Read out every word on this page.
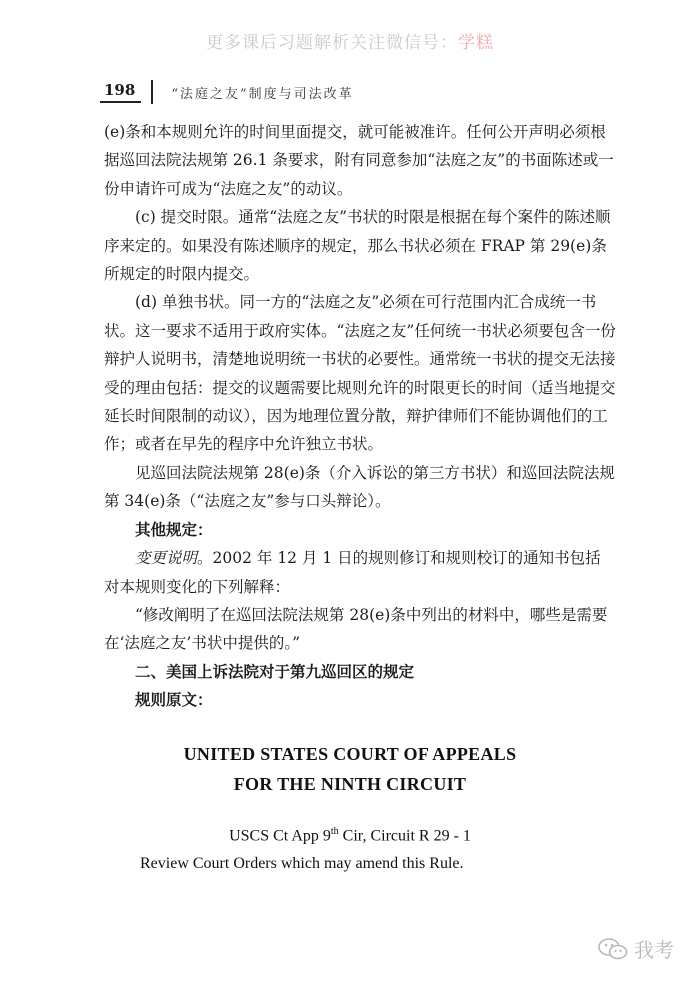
更多课后习题解析关注微信号：学糕
198	“法庭之友”制度与司法改革

(e)条和本规则允许的时间里面提交，就可能被准许。任何公开声明必须根据巡回法院法规第 26.1 条要求，附有同意参加“法庭之友”的书面陈述或一份申请许可成为“法庭之友”的动议。

(c) 提交时限。通常“法庭之友”书状的时限是根据在每个案件的陈述顺序来定的。如果没有陈述顺序的规定，那么书状必须在 FRAP 第 29(e)条所规定的时限内提交。

(d) 单独书状。同一方的“法庭之友”必须在可行范围内汇合成统一书状。这一要求不适用于政府实体。“法庭之友”任何统一书状必须要包含一份辩护人说明书，清楚地说明统一书状的必要性。通常统一书状的提交无法接受的理由包括：提交的议题需要比规则允许的时限更长的时间（适当地提交延长时间限制的动议），因为地理位置分散，辩护律师们不能协调他们的工作；或者在早先的程序中允许独立书状。

见巡回法院法规第 28(e)条（介入诉讼的第三方书状）和巡回法院法规第 34(e)条（“法庭之友”参与口头辩论）。

其他规定：

变更说明。2002 年 12 月 1 日的规则修订和规则校订的通知书包括对本规则变化的下列解释：

“修改阐明了在巡回法院法规第 28(e)条中列出的材料中，哪些是需要在‘法庭之友’书状中提供的。”

二、美国上诉法院对于第九巡回区的规定

规则原文：

UNITED STATES COURT OF APPEALS
FOR THE NINTH CIRCUIT
USCS Ct App 9th Cir, Circuit R 29 - 1
Review Court Orders which may amend this Rule.
我考
